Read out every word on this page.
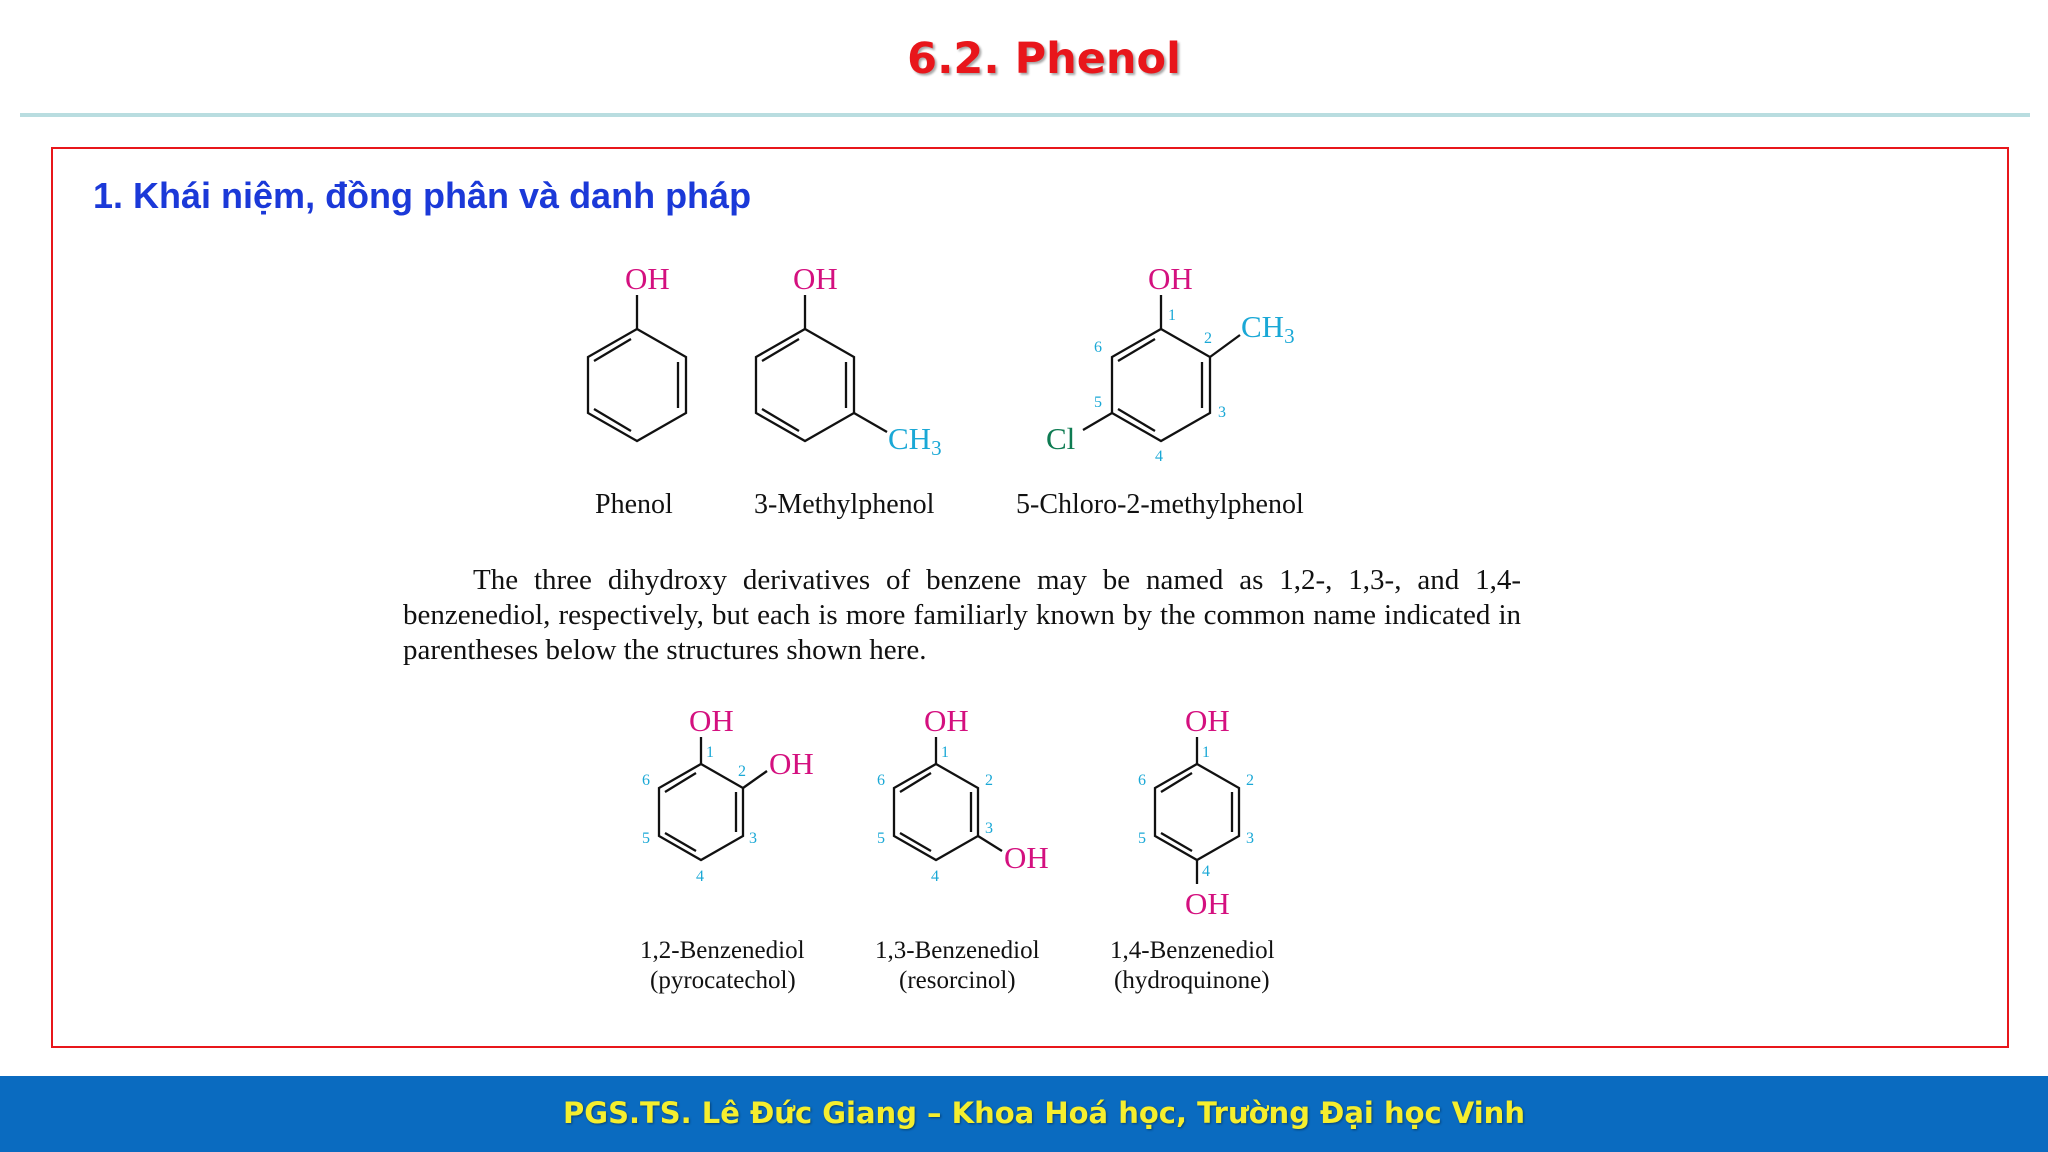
6.2. Phenol
1. Khái niệm, đồng phân và danh pháp
OH
Phenol
OH
CH3
3-Methylphenol
OH
CH3
Cl
1
2
3
4
5
6
5-Chloro-2-methylphenol
OH
OH
1
2
3
4
5
6
1,2-Benzenediol
(pyrocatechol)
OH
OH
1
2
3
4
5
6
1,3-Benzenediol
(resorcinol)
OH
OH
1
2
3
4
5
6
1,4-Benzenediol
(hydroquinone)
The three dihydroxy derivatives of benzene may be named as 1,2-, 1,3-, and 1,4-benzenediol, respectively, but each is more familiarly known by the common name indicated in parentheses below the structures shown here.
PGS.TS. Lê Đức Giang – Khoa Hoá học, Trường Đại học Vinh
